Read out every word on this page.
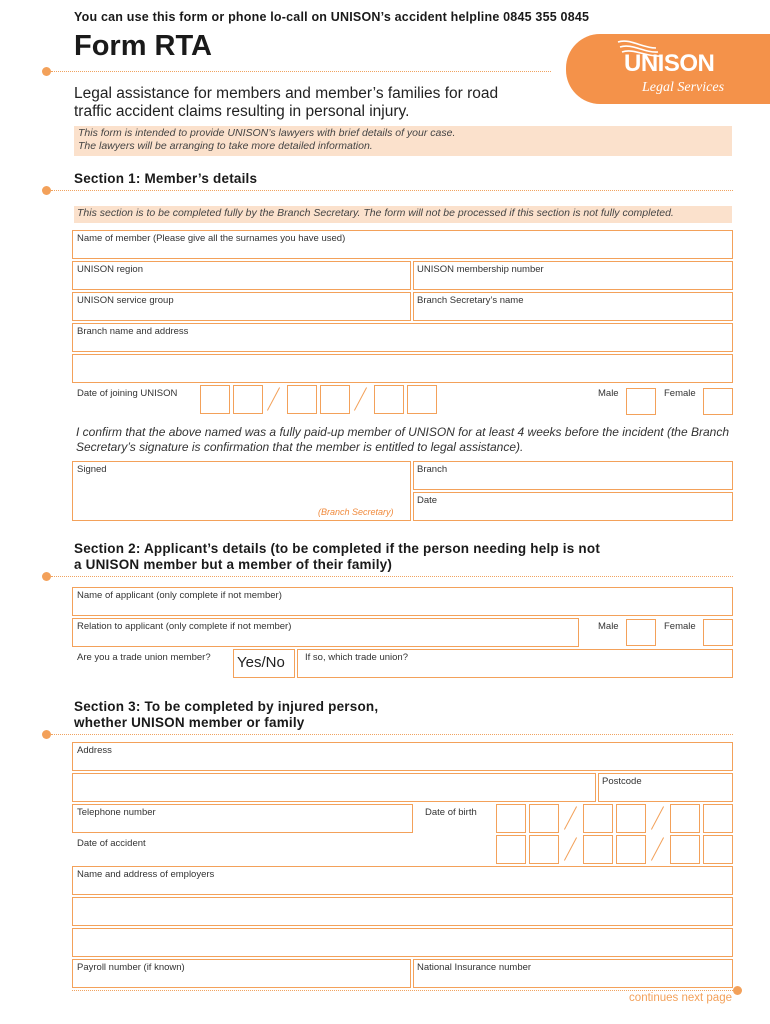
You can use this form or phone lo-call on UNISON’s accident helpline 0845 355 0845
Form RTA
UNISON
Legal Services
Legal assistance for members and member’s families for road traffic accident claims resulting in personal injury.
This form is intended to provide UNISON’s lawyers with brief details of your case.
The lawyers will be arranging to take more detailed information.
Section 1: Member’s details
This section is to be completed fully by the Branch Secretary. The form will not be processed if this section is not fully completed.
Name of member (Please give all the surnames you have used)
UNISON region	UNISON membership number
UNISON service group	Branch Secretary’s name
Branch name and address
Date of joining UNISON	Male	Female
I confirm that the above named was a fully paid-up member of UNISON for at least 4 weeks before the incident (the Branch Secretary’s signature is confirmation that the member is entitled to legal assistance).
Signed
(Branch Secretary)
Branch
Date
Section 2: Applicant’s details (to be completed if the person needing help is not
a UNISON member but a member of their family)
Name of applicant (only complete if not member)
Relation to applicant (only complete if not member)	Male	Female
Are you a trade union member? Yes/No If so, which trade union?
Section 3: To be completed by injured person,
whether UNISON member or family
Address
Postcode
Telephone number	Date of birth
Date of accident
Name and address of employers
Payroll number (if known)	National Insurance number
continues next page
